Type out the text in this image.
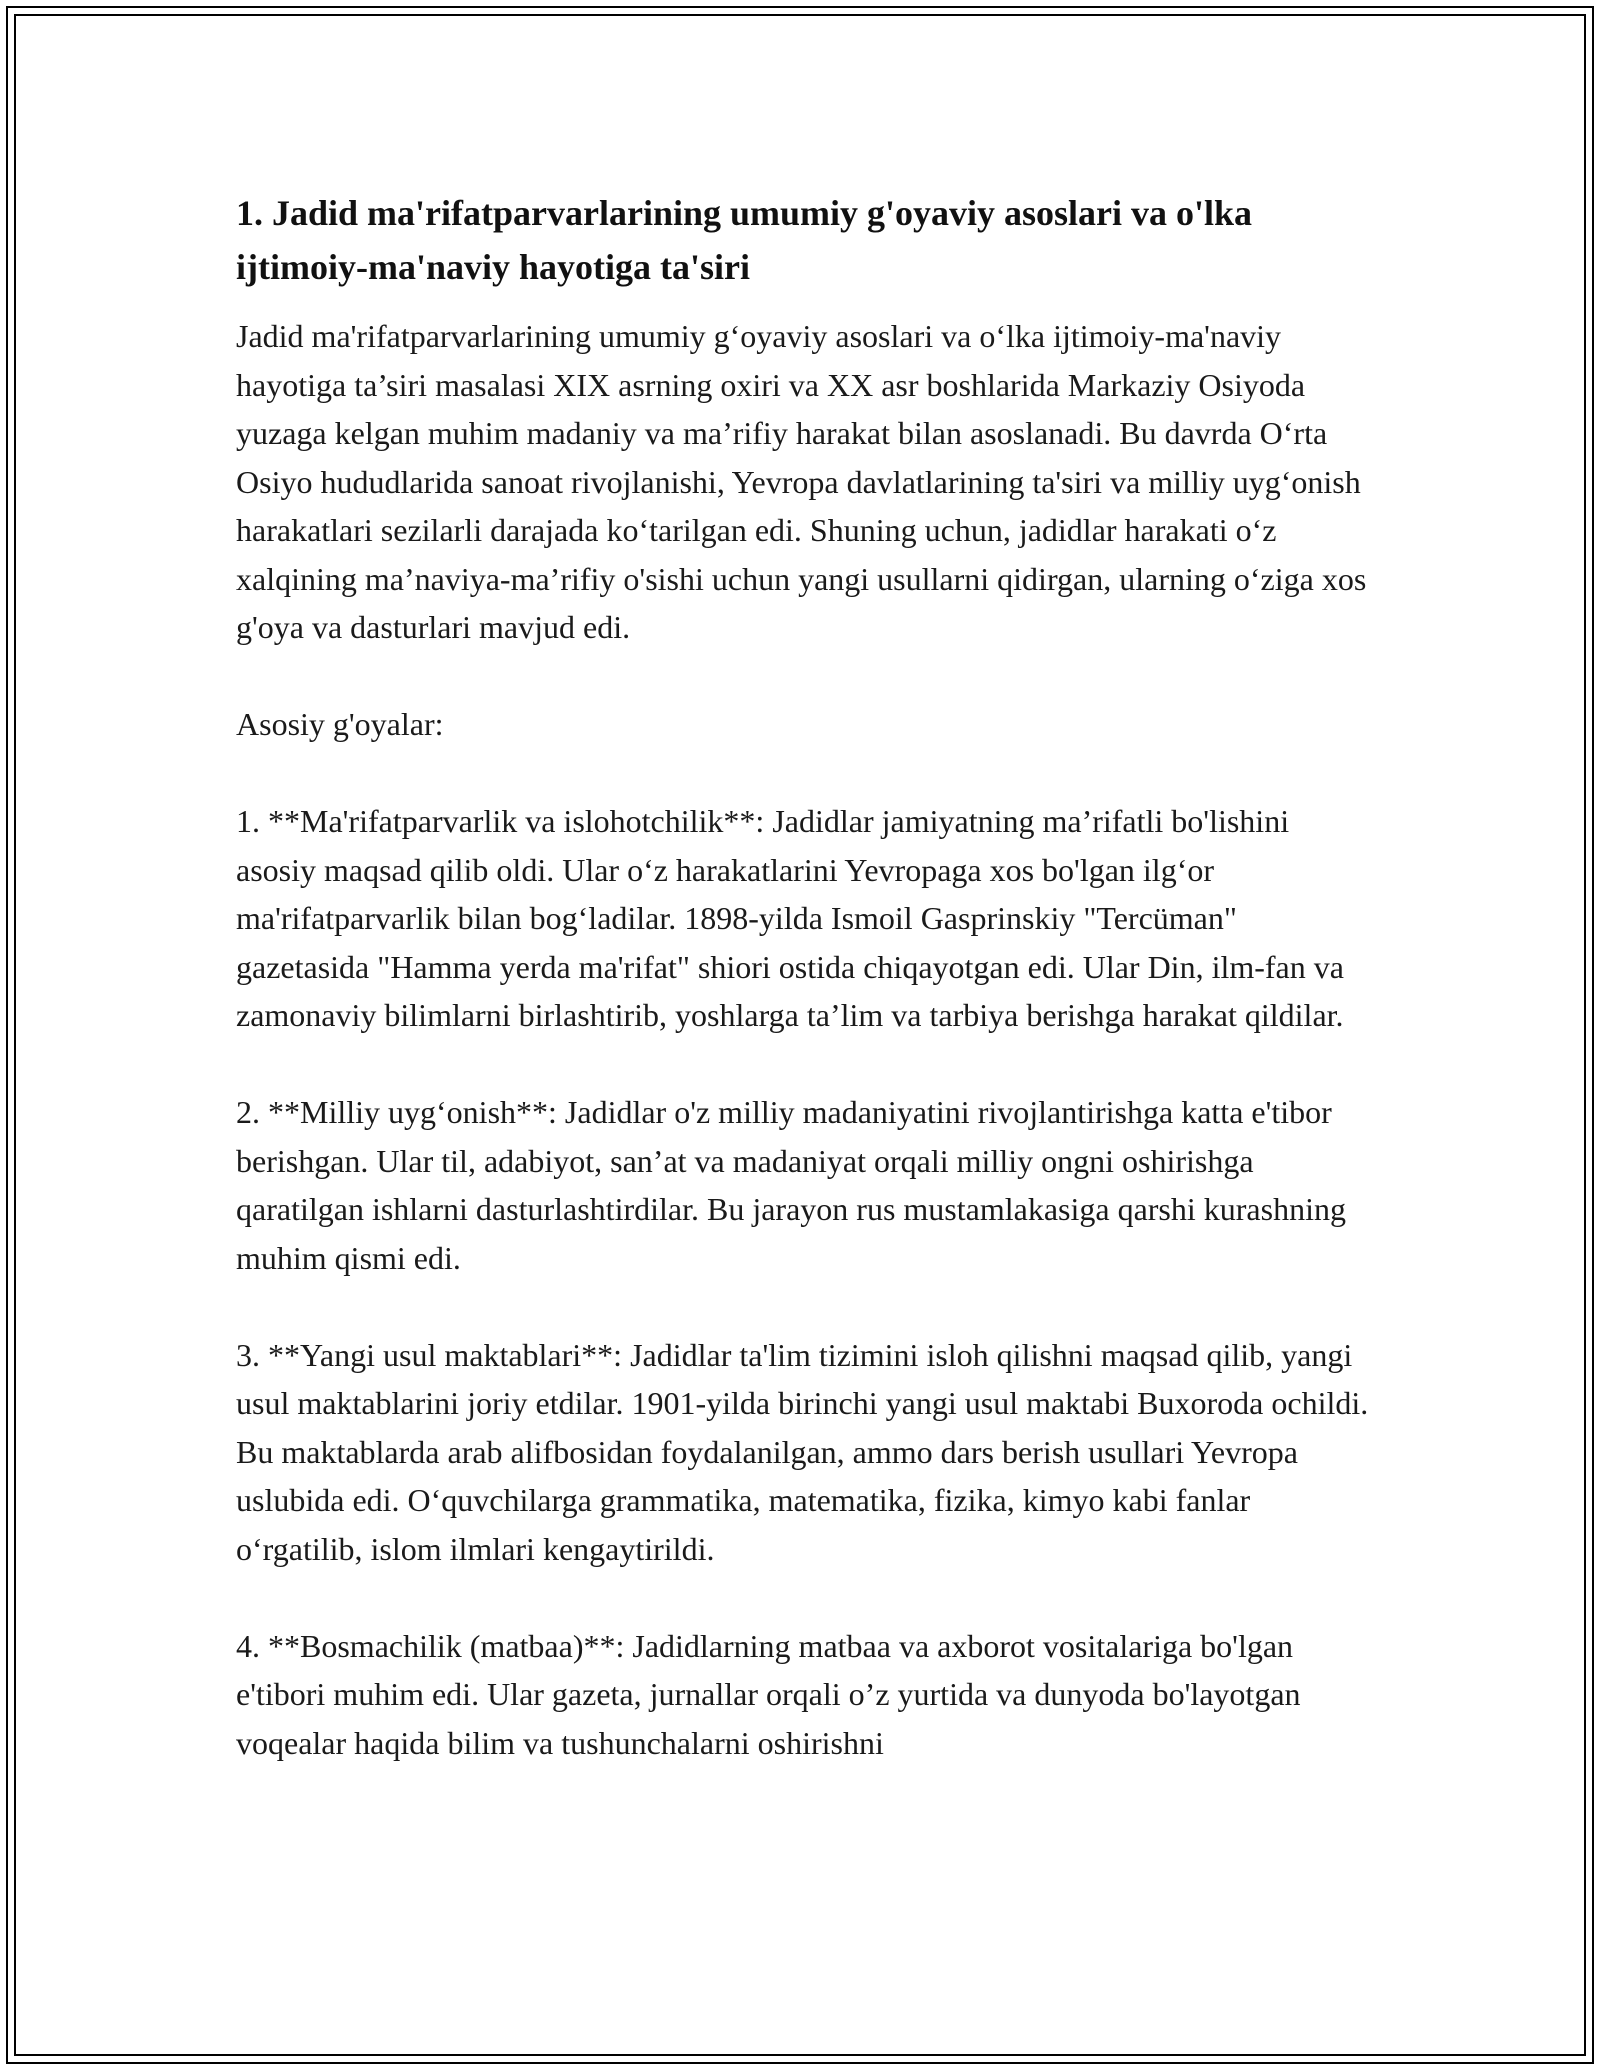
1. Jadid ma'rifatparvarlarining umumiy g'oyaviy asoslari va o'lka ijtimoiy-ma'naviy hayotiga ta'siri

Jadid ma'rifatparvarlarining umumiy g‘oyaviy asoslari va o‘lka ijtimoiy-ma'naviy hayotiga ta’siri masalasi XIX asrning oxiri va XX asr boshlarida Markaziy Osiyoda yuzaga kelgan muhim madaniy va ma’rifiy harakat bilan asoslanadi. Bu davrda O‘rta Osiyo hududlarida sanoat rivojlanishi, Yevropa davlatlarining ta'siri va milliy uyg‘onish harakatlari sezilarli darajada ko‘tarilgan edi. Shuning uchun, jadidlar harakati o‘z xalqining ma’naviya-ma’rifiy o'sishi uchun yangi usullarni qidirgan, ularning o‘ziga xos g'oya va dasturlari mavjud edi.

Asosiy g'oyalar:

1. **Ma'rifatparvarlik va islohotchilik**: Jadidlar jamiyatning ma’rifatli bo'lishini asosiy maqsad qilib oldi. Ular o‘z harakatlarini Yevropaga xos bo'lgan ilg‘or ma'rifatparvarlik bilan bog‘ladilar. 1898-yilda Ismoil Gasprinskiy "Tercüman" gazetasida "Hamma yerda ma'rifat" shiori ostida chiqayotgan edi. Ular Din, ilm-fan va zamonaviy bilimlarni birlashtirib, yoshlarga ta’lim va tarbiya berishga harakat qildilar.

2. **Milliy uyg‘onish**: Jadidlar o'z milliy madaniyatini rivojlantirishga katta e'tibor berishgan. Ular til, adabiyot, san’at va madaniyat orqali milliy ongni oshirishga qaratilgan ishlarni dasturlashtirdilar. Bu jarayon rus mustamlakasiga qarshi kurashning muhim qismi edi.

3. **Yangi usul maktablari**: Jadidlar ta'lim tizimini isloh qilishni maqsad qilib, yangi usul maktablarini joriy etdilar. 1901-yilda birinchi yangi usul maktabi Buxoroda ochildi. Bu maktablarda arab alifbosidan foydalanilgan, ammo dars berish usullari Yevropa uslubida edi. O‘quvchilarga grammatika, matematika, fizika, kimyo kabi fanlar o‘rgatilib, islom ilmlari kengaytirildi.

4. **Bosmachilik (matbaa)**: Jadidlarning matbaa va axborot vositalariga bo'lgan e'tibori muhim edi. Ular gazeta, jurnallar orqali o’z yurtida va dunyoda bo'layotgan voqealar haqida bilim va tushunchalarni oshirishni
